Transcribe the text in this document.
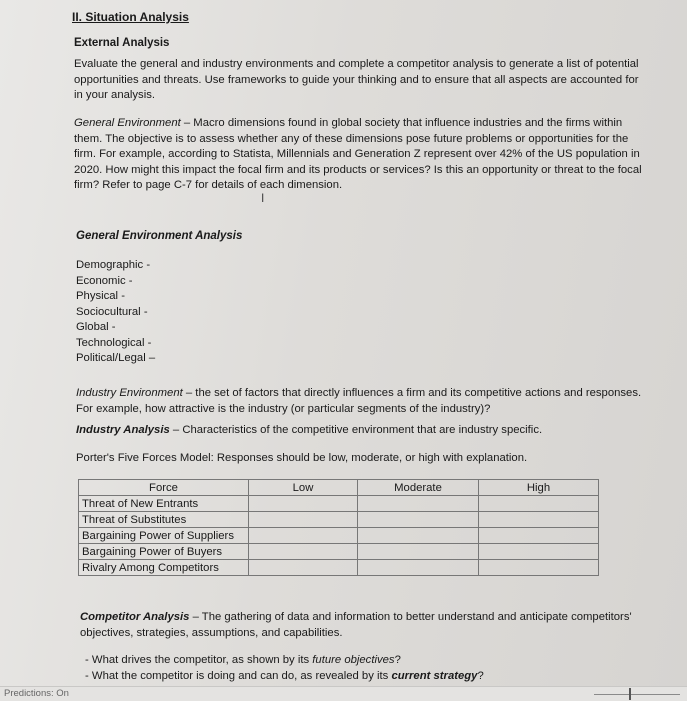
II. Situation Analysis
External Analysis
Evaluate the general and industry environments and complete a competitor analysis to generate a list of potential opportunities and threats. Use frameworks to guide your thinking and to ensure that all aspects are accounted for in your analysis.
General Environment – Macro dimensions found in global society that influence industries and the firms within them. The objective is to assess whether any of these dimensions pose future problems or opportunities for the firm. For example, according to Statista, Millennials and Generation Z represent over 42% of the US population in 2020. How might this impact the focal firm and its products or services? Is this an opportunity or threat to the focal firm? Refer to page C-7 for details of each dimension.
I
General Environment Analysis
Demographic -
Economic -
Physical -
Sociocultural -
Global -
Technological -
Political/Legal –
Industry Environment – the set of factors that directly influences a firm and its competitive actions and responses. For example, how attractive is the industry (or particular segments of the industry)?
Industry Analysis – Characteristics of the competitive environment that are industry specific.
Porter's Five Forces Model: Responses should be low, moderate, or high with explanation.
Force	Low	Moderate	High
Threat of New Entrants			
Threat of Substitutes			
Bargaining Power of Suppliers			
Bargaining Power of Buyers			
Rivalry Among Competitors			
Competitor Analysis – The gathering of data and information to better understand and anticipate competitors' objectives, strategies, assumptions, and capabilities.
- What drives the competitor, as shown by its future objectives?
- What the competitor is doing and can do, as revealed by its current strategy?
Predictions: On
